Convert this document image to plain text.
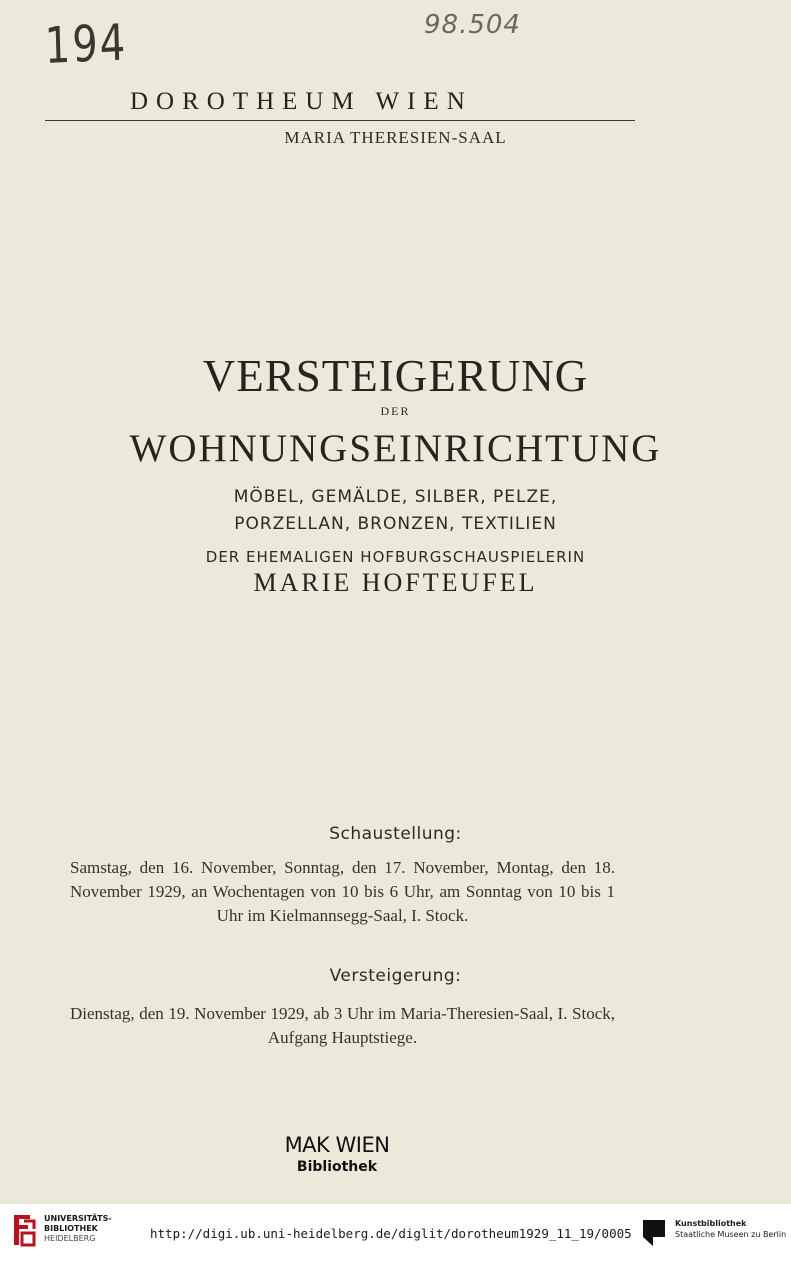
194	98.504
DOROTHEUM WIEN
MARIA THERESIEN-SAAL
VERSTEIGERUNG
DER
WOHNUNGSEINRICHTUNG
MÖBEL, GEMÄLDE, SILBER, PELZE,
PORZELLAN, BRONZEN, TEXTILIEN
DER EHEMALIGEN HOFBURGSCHAUSPIELERIN
MARIE HOFTEUFEL
Schaustellung:
Samstag, den 16. November, Sonntag, den 17. November, Montag, den 18. November 1929, an Wochentagen von 10 bis 6 Uhr, am Sonntag von 10 bis 1 Uhr im Kielmannsegg-Saal, I. Stock.
Versteigerung:
Dienstag, den 19. November 1929, ab 3 Uhr im Maria-Theresien-Saal, I. Stock, Aufgang Hauptstiege.
MAK WIEN
Bibliothek
UNIVERSITÄTS-
BIBLIOTHEK
HEIDELBERG	http://digi.ub.uni-heidelberg.de/diglit/dorotheum1929_11_19/0005
Kunstbibliothek
Staatliche Museen zu Berlin
